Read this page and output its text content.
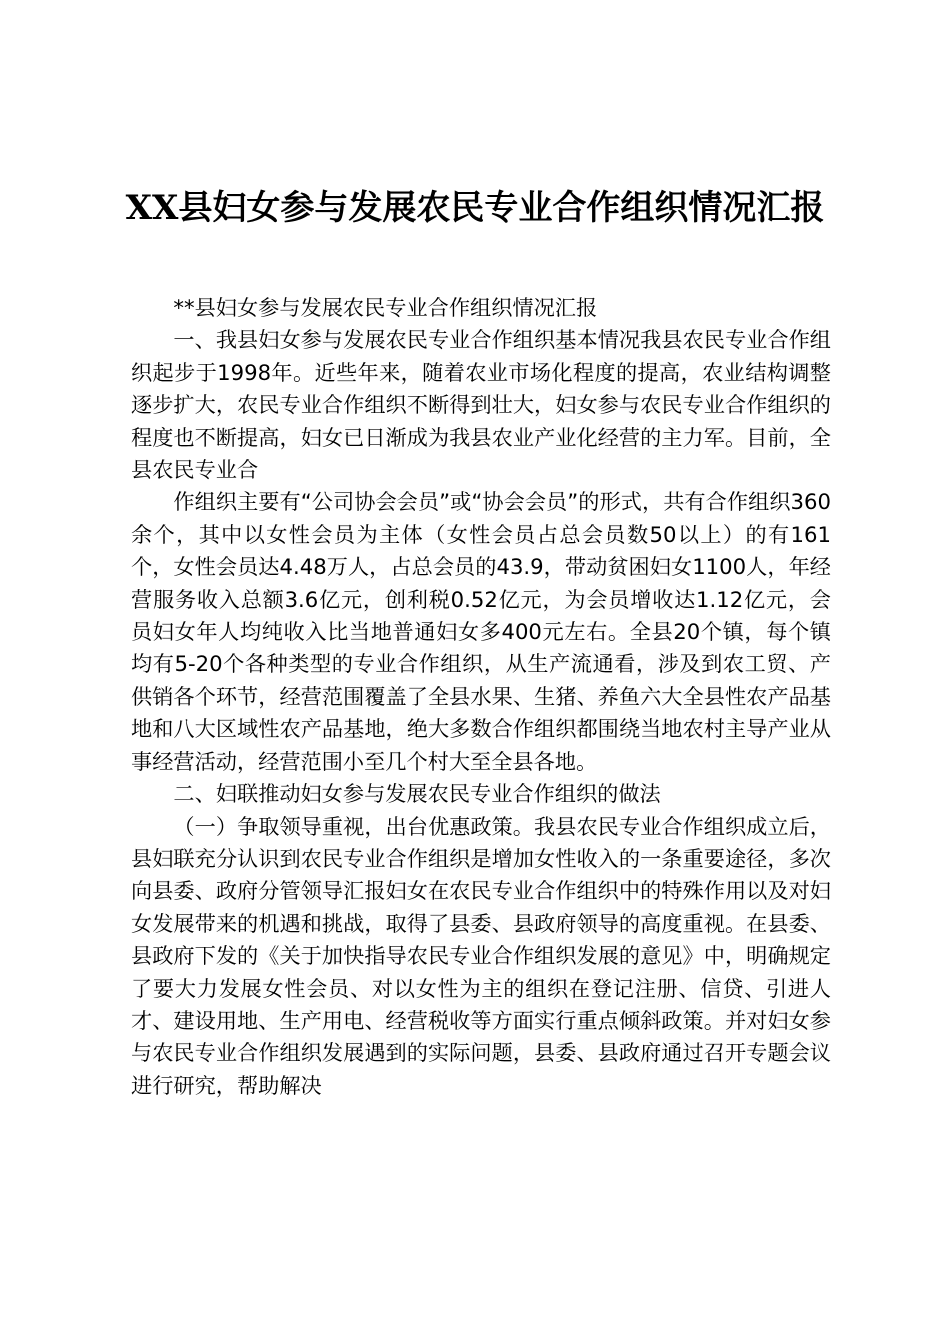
XX县妇女参与发展农民专业合作组织情况汇报

**县妇女参与发展农民专业合作组织情况汇报

一、我县妇女参与发展农民专业合作组织基本情况我县农民专业合作组织起步于1998年。近些年来，随着农业市场化程度的提高，农业结构调整逐步扩大，农民专业合作组织不断得到壮大，妇女参与农民专业合作组织的程度也不断提高，妇女已日渐成为我县农业产业化经营的主力军。目前，全县农民专业合

作组织主要有“公司协会会员”或“协会会员”的形式，共有合作组织360余个，其中以女性会员为主体（女性会员占总会员数50以上）的有161个，女性会员达4.48万人，占总会员的43.9，带动贫困妇女1100人，年经营服务收入总额3.6亿元，创利税0.52亿元，为会员增收达1.12亿元，会员妇女年人均纯收入比当地普通妇女多400元左右。全县20个镇，每个镇均有5-20个各种类型的专业合作组织，从生产流通看，涉及到农工贸、产供销各个环节，经营范围覆盖了全县水果、生猪、养鱼六大全县性农产品基地和八大区域性农产品基地，绝大多数合作组织都围绕当地农村主导产业从事经营活动，经营范围小至几个村大至全县各地。

二、妇联推动妇女参与发展农民专业合作组织的做法

（一）争取领导重视，出台优惠政策。我县农民专业合作组织成立后，县妇联充分认识到农民专业合作组织是增加女性收入的一条重要途径，多次向县委、政府分管领导汇报妇女在农民专业合作组织中的特殊作用以及对妇女发展带来的机遇和挑战，取得了县委、县政府领导的高度重视。在县委、县政府下发的《关于加快指导农民专业合作组织发展的意见》中，明确规定了要大力发展女性会员、对以女性为主的组织在登记注册、信贷、引进人才、建设用地、生产用电、经营税收等方面实行重点倾斜政策。并对妇女参与农民专业合作组织发展遇到的实际问题，县委、县政府通过召开专题会议进行研究，帮助解决
